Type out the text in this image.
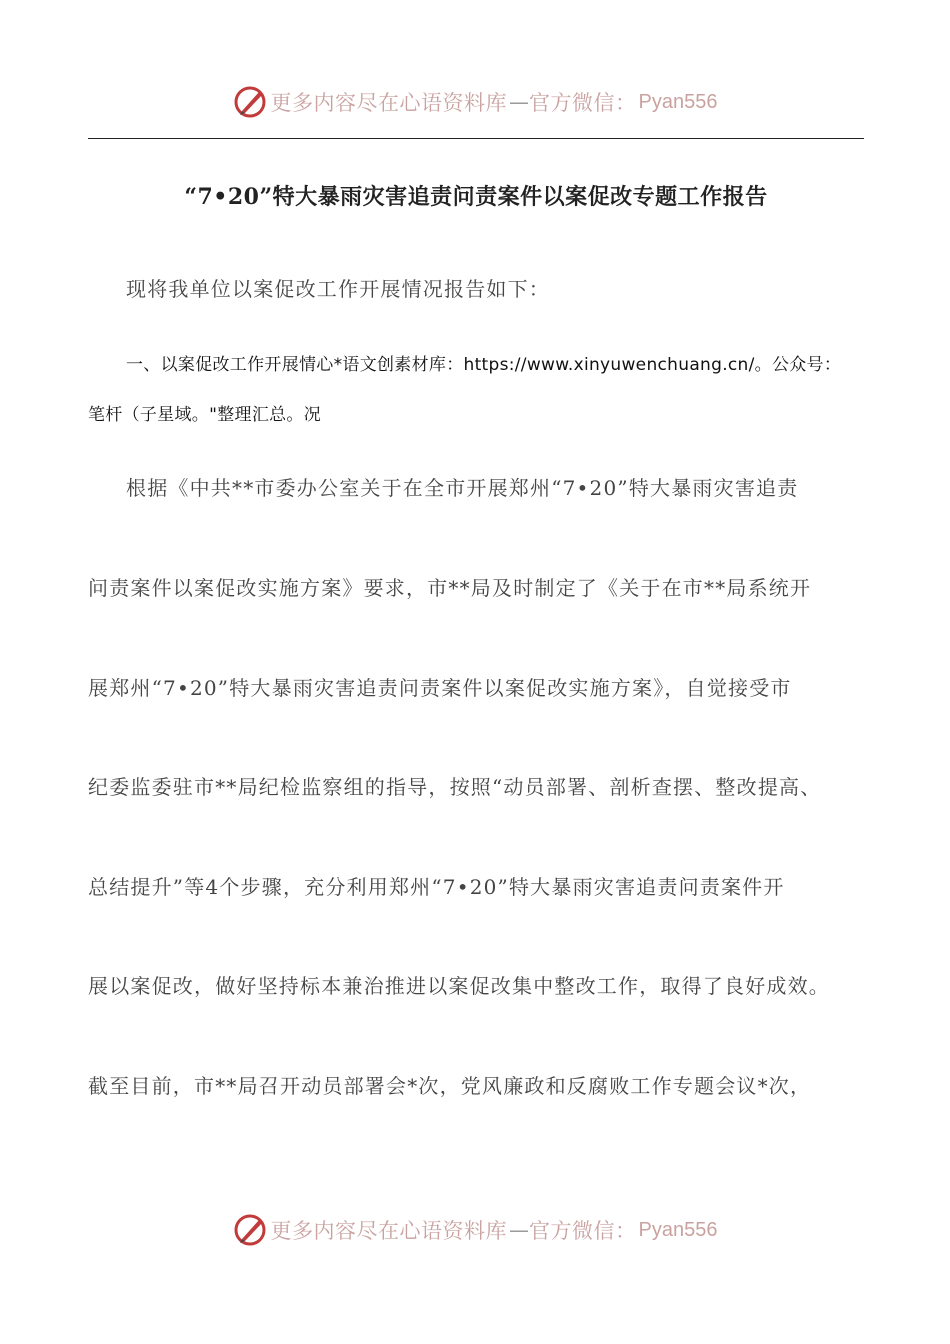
更多内容尽在心语资料库 — 官方微信： Pyan556
“7•20”特大暴雨灾害追责问责案件以案促改专题工作报告
现将我单位以案促改工作开展情况报告如下：
一、以案促改工作开展情心*语文创素材库：https://www.xinyuwenchuang.cn/。公众号：
笔杆（子星域。"整理汇总。况
根据《中共**市委办公室关于在全市开展郑州“7•20”特大暴雨灾害追责
问责案件以案促改实施方案》要求，市**局及时制定了《关于在市**局系统开
展郑州“7•20”特大暴雨灾害追责问责案件以案促改实施方案》，自觉接受市
纪委监委驻市**局纪检监察组的指导，按照“动员部署、剖析查摆、整改提高、
总结提升”等4个步骤，充分利用郑州“7•20”特大暴雨灾害追责问责案件开
展以案促改，做好坚持标本兼治推进以案促改集中整改工作，取得了良好成效。
截至目前，市**局召开动员部署会*次，党风廉政和反腐败工作专题会议*次，
更多内容尽在心语资料库 — 官方微信： Pyan556
